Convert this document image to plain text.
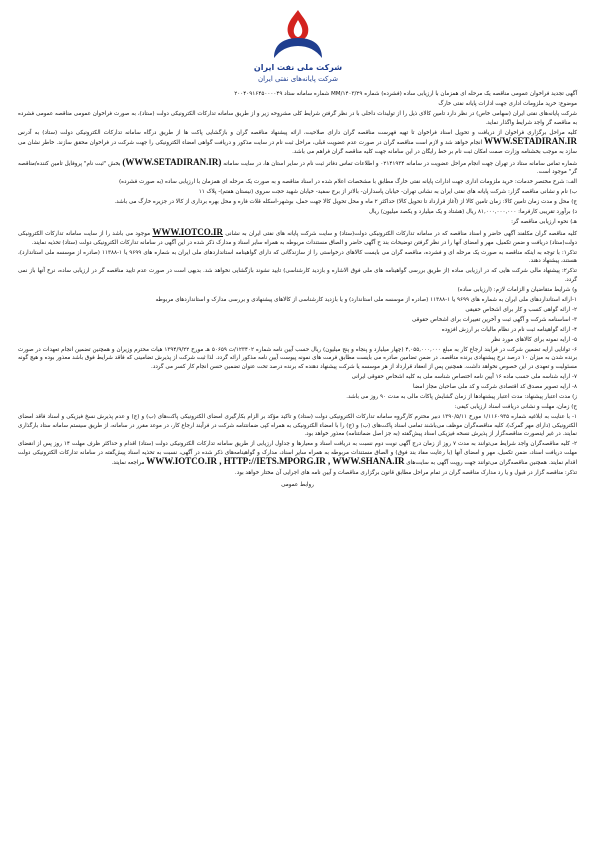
شرکت ملی نفت ایران
شرکت پایانه‌های نفتی ایران

آگهی تجدید فراخوان عمومی مناقصه یک مرحله ای همزمان با ارزیابی ساده (فشرده) شماره ۱۴۰۳/۲۹/MM شماره سامانه ستاد ۲۰۰۴۰۹۱۶۴۵۰۰۰۰۴۹

موضوع: خرید ملزومات اداری جهت ادارات پایانه نفتی خارگ

شرکت پایانه‌های نفتی ایران (سهامی خاص) در نظر دارد تامین کالای ذیل را از تولیدات داخلی با در نظر گرفتن شرایط کلی مشروحه زیر و از طریق سامانه تدارکات الکترونیکی دولت (ستاد)، به صورت فراخوان عمومی مناقصه عمومی فشرده به مناقصه گر واجد شرایط واگذار نماید.

کلیه مراحل برگزاری فراخوان از دریافت و تحویل اسناد فراخوان تا تهیه فهرست مناقصه گران دارای صلاحیت، ارائه پیشنهاد مناقصه گران و بازگشایی پاکت ها از طریق درگاه سامانه تدارکات الکترونیکی دولت (ستاد) به آدرس WWW.SETADIRAN.IR انجام خواهد شد و لازم است مناقصه گران در صورت عدم عضویت قبلی، مراحل ثبت نام در سایت مذکور و دریافت گواهی امضاء الکترونیکی را جهت شرکت در فراخوان محقق سازند. خاطر نشان می سازد به موجب بخشنامه وزارت صمت امکان ثبت نام بر خط رایگان در این سامانه جهت کلیه مناقصه گران فراهم می باشد.

شماره تماس سامانه ستاد در تهران جهت انجام مراحل عضویت در سامانه ۰۲۱۴۱۹۳۴ و اطلاعات تماس دفاتر ثبت نام در سایر استان ها، در سایت سامانه (WWW.SETADIRAN.IR) بخش "ثبت نام" پروفایل تامین کننده/مناقصه گر" موجود است.

الف: شرح مختصر خدمات: خرید ملزومات اداری جهت ادارات پایانه نفتی خارگ مطابق با مشخصات اعلام شده در اسناد مناقصه و به صورت یک مرحله ای همزمان با ارزیابی ساده (به صورت فشرده)

ب) نام و نشانی مناقصه گزار: شرکت پایانه های نفتی ایران به نشانی تهران- خیابان پاسداران- بالاتر از برج سفید- خیابان شهید حجت سروی (نیستان هفتم)- پلاک ۱۱

ج) محل و مدت زمان تامین کالا: زمان تامین کالا از (آغاز قرارداد تا تحویل کالا) حداکثر ۲ ماه و محل تحویل کالا جهت حمل، بوشهر-اسکله قلات فاره و محل بهره برداری از کالا در جزیره خارگ می باشد.

د) برآورد تقریبی کارفرما: ۸۱,۰۰۰,۰۰۰,۰۰۰ ریال (هشتاد و یک میلیارد و یکصد میلیون) ریال

هـ) نحوه ارزیابی مناقصه گر:

کلیه مناقصه گران مکلفند آگهی حاضر و اسناد مناقصه که در سامانه تدارکات الکترونیکی دولت(ستاد) و سایت شرکت پایانه های نفتی ایران به نشانی WWW.IOTCO.IR موجود می باشد را از سایت سامانه تدارکات الکترونیکی دولت(ستاد) دریافت و ضمن تکمیل، مهر و امضای آنها را در نظر گرفتن توضیحات بند ح آگهی حاضر و الصاق مستندات مربوطه به همراه سایر اسناد و مدارک ذکر شده در این آگهی در سامانه تدارکات الکترونیکی دولت (ستاد) تحذیه نمایند.

تذکر۱: با توجه به اینکه مناقصه به صورت یک مرحله ای و فشرده، مناقصه گران می بایست کالاهای درخواستی را از سازندگانی که دارای گواهینامه استانداردهای ملی ایران به شماره های ۹۶۹۹ یا ۱-۱۱۳۸۸ (صادره از موسسه ملی استاندارد)، هستند، پیشنهاد دهند.

تذکر۲: پیشنهاد مالی شرکت هایی که در ارزیابی ساده (از طریق بررسی گواهینامه های ملی فوق الاشاره و بازدید کارشناسی) تایید نشوند بازگشایی نخواهد شد. بدیهی است در صورت عدم تایید مناقصه گر در ارزیابی ساده، نرخ آنها باز نمی گردد.

و) شرایط متقاضیان و الزامات لازم: (ارزیابی ساده)

۱-ارائه استانداردهای ملی ایران به شماره های ۹۶۹۹ یا ۱-۱۱۳۸۸ (صادره از موسسه ملی استاندارد) و یا بازدید کارشناسی از کالاهای پیشنهادی و بررسی مدارک و استانداردهای مربوطه

۲- ارائه گواهی کسب و کار برای اشخاص حقیقی

۳- اساسنامه شرکت و آگهی ثبت و آخرین تغییرات برای اشخاص حقوقی

۴- ارائه گواهینامه ثبت نام در نظام مالیات بر ارزش افزوده

۵- ارایه نمونه برای کالاهای مورد نظر

۶- توانایی ارایه تضمین شرکت در فرایند ارجاع کار به مبلغ ۴,۰۵۵,۰۰۰,۰۰۰ (چهار میلیارد و پنجاه و پنج میلیون) ریال حسب آیین نامه شماره ۱۲۳۴۰۲/ت ۵۰۶۵۹ هـ مورخ ۱۳۹۴/۹/۲۲ هیات محترم وزیران و همچنین تضمین انجام تعهدات در صورت برنده شدن به میزان ۱۰ درصد نرخ پیشنهادی برنده مناقصه. در ضمن تضامین صادره می بایست مطابق فرمت های نمونه پیوست آیین نامه مذکور ارائه گردد. لذا ثبت شرکت از پذیرش تضامینی که فاقد شرایط فوق باشد معذور بوده و هیچ گونه مسئولیت و تعهدی در این خصوص نخواهد داشت. همچنین پس از انعقاد قرارداد از هر موسسه یا شرکت پیشنهاد دهنده که برنده درصد تحت عنوان تضمین حسن انجام کار کسر می گردد.

۷- ارایه شناسه ملی حسب ماده ۱۶ آیین نامه اختصاص شناسه ملی به کلیه اشخاص حقوقی ایرانی

۸- ارایه تصویر مصدق کد اقتصادی شرکت و کد ملی صاحبان مجاز امضا

ز) مدت اعتبار پیشنهاد: مدت اعتبار پیشنهادها از زمان گشایش پاکات مالی به مدت ۹۰ روز می باشد.

ح) زمان، مهلت و نشانی دریافت اسناد ارزیابی کیفی:

۱- با عنایت به ابلاغیه شماره ۱/۱۱۶۰۹۳۵ مورخ ۱۳۹۰/۵/۱۱ دبیر محترم کارگروه سامانه تدارکات الکترونیکی دولت (ستاد) و تاکید مؤکد بر الزام بکارگیری امضای الکترونیکی پاکت‌های (ب) و (ج) و عدم پذیرش نسخ فیزیکی و اسناد فاقد امضای الکترونیکی (دارای مهر گمرک)، کلیه مناقصه‌گران موظف می‌باشند تمامی اسناد پاکت‌های (ب) و (ج) را با امضاء الکترونیکی به همراه کپی ضمانتنامه شرکت در فرآیند ارجاع کار، در موعد مقرر در سامانه، از طریق سیستم سامانه ستاد بارگذاری نمایند. در غیر اینصورت مناقصه‌گزار از پذیرش نسخه فیزیکی اسناد پیش‌گفته (به جز اصل ضمانتنامه) معذور خواهد بود.

۲- کلیه مناقصه‌گران واجد شرایط می‌توانند به مدت ۷ روز از زمان درج آگهی نوبت دوم نسبت به دریافت اسناد و معیارها و جداول ارزیابی از طریق سامانه تدارکات الکترونیکی دولت (ستاد) اقدام و حداکثر ظرف مهلت ۱۴ روز پس از انقضای مهلت دریافت اسناد، ضمن تکمیل، مهر و امضای آنها (با رعایت مفاد بند فوق) و الصاق مستندات مربوطه به همراه سایر اسناد، مدارک و گواهینامه‌های ذکر شده در آگهی، نسبت به تحذیه اسناد پیش‌گفته در سامانه تدارکات الکترونیکی دولت اقدام نمایند. همچنین مناقصه‌گران می‌توانند جهت رویت آگهی به سایت‌های WWW.IOTCO.IR , HTTP://IETS.MPORG.IR , WWW.SHANA.IR مراجعه نمایند.

تذکر: مناقصه گزار در قبول و یا رد مدارک مناقصه گران در تمام مراحل مطابق قانون برگزاری مناقصات و آیین نامه های اجرایی آن مختار خواهد بود.

روابط عمومی
